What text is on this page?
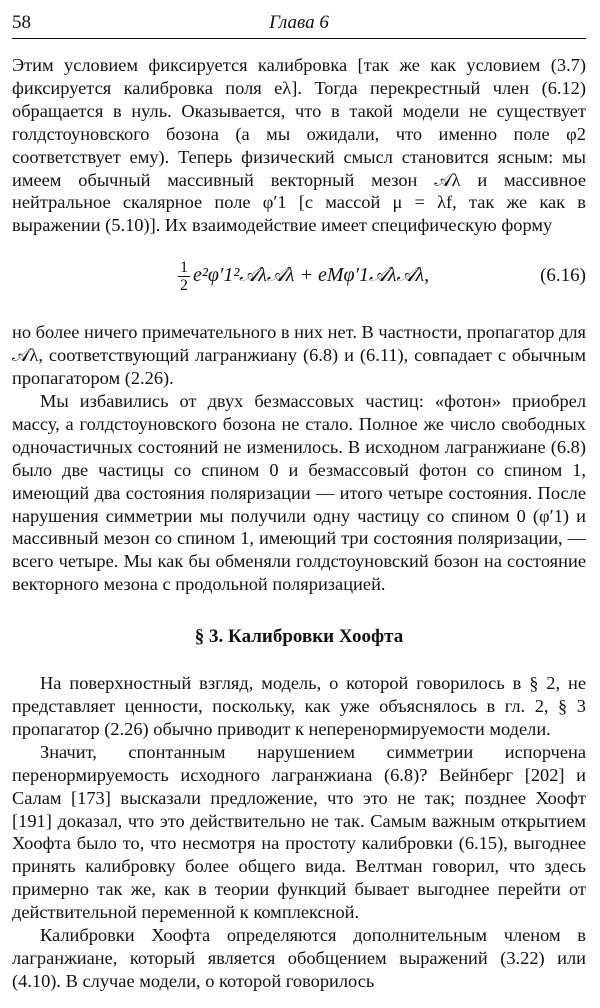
58	Глава 6

Этим условием фиксируется калибровка [так же как условием (3.7) фиксируется калибровка поля eλ]. Тогда перекрестный член (6.12) обращается в нуль. Оказывается, что в такой модели не существует голдстоуновского бозона (а мы ожидали, что именно поле φ2 соответствует ему). Теперь физический смысл становится ясным: мы имеем обычный массивный векторный мезон 𝒜λ и массивное нейтральное скалярное поле φ′1 [с массой μ = λf, так же как в выражении (5.10)]. Их взаимодействие имеет специфическую форму

$\frac{1}{2}$ e²φ′1²𝒜λ𝒜λ + eMφ′1𝒜λ𝒜λ,	(6.16)

но более ничего примечательного в них нет. В частности, пропагатор для 𝒜λ, соответствующий лагранжиану (6.8) и (6.11), совпадает с обычным пропагатором (2.26).

Мы избавились от двух безмассовых частиц: «фотон» приобрел массу, а голдстоуновского бозона не стало. Полное же число свободных одночастичных состояний не изменилось. В исходном лагранжиане (6.8) было две частицы со спином 0 и безмассовый фотон со спином 1, имеющий два состояния поляризации — итого четыре состояния. После нарушения симметрии мы получили одну частицу со спином 0 (φ′1) и массивный мезон со спином 1, имеющий три состояния поляризации, — всего четыре. Мы как бы обменяли голдстоуновский бозон на состояние векторного мезона с продольной поляризацией.

§ 3. Калибровки Хоофта

На поверхностный взгляд, модель, о которой говорилось в § 2, не представляет ценности, поскольку, как уже объяснялось в гл. 2, § 3 пропагатор (2.26) обычно приводит к неперенормируемости модели.

Значит, спонтанным нарушением симметрии испорчена перенормируемость исходного лагранжиана (6.8)? Вейнберг [202] и Салам [173] высказали предложение, что это не так; позднее Хоофт [191] доказал, что это действительно не так. Самым важным открытием Хоофта было то, что несмотря на простоту калибровки (6.15), выгоднее принять калибровку более общего вида. Велтман говорил, что здесь примерно так же, как в теории функций бывает выгоднее перейти от действительной переменной к комплексной.

Калибровки Хоофта определяются дополнительным членом в лагранжиане, который является обобщением выражений (3.22) или (4.10). В случае модели, о которой говорилось
